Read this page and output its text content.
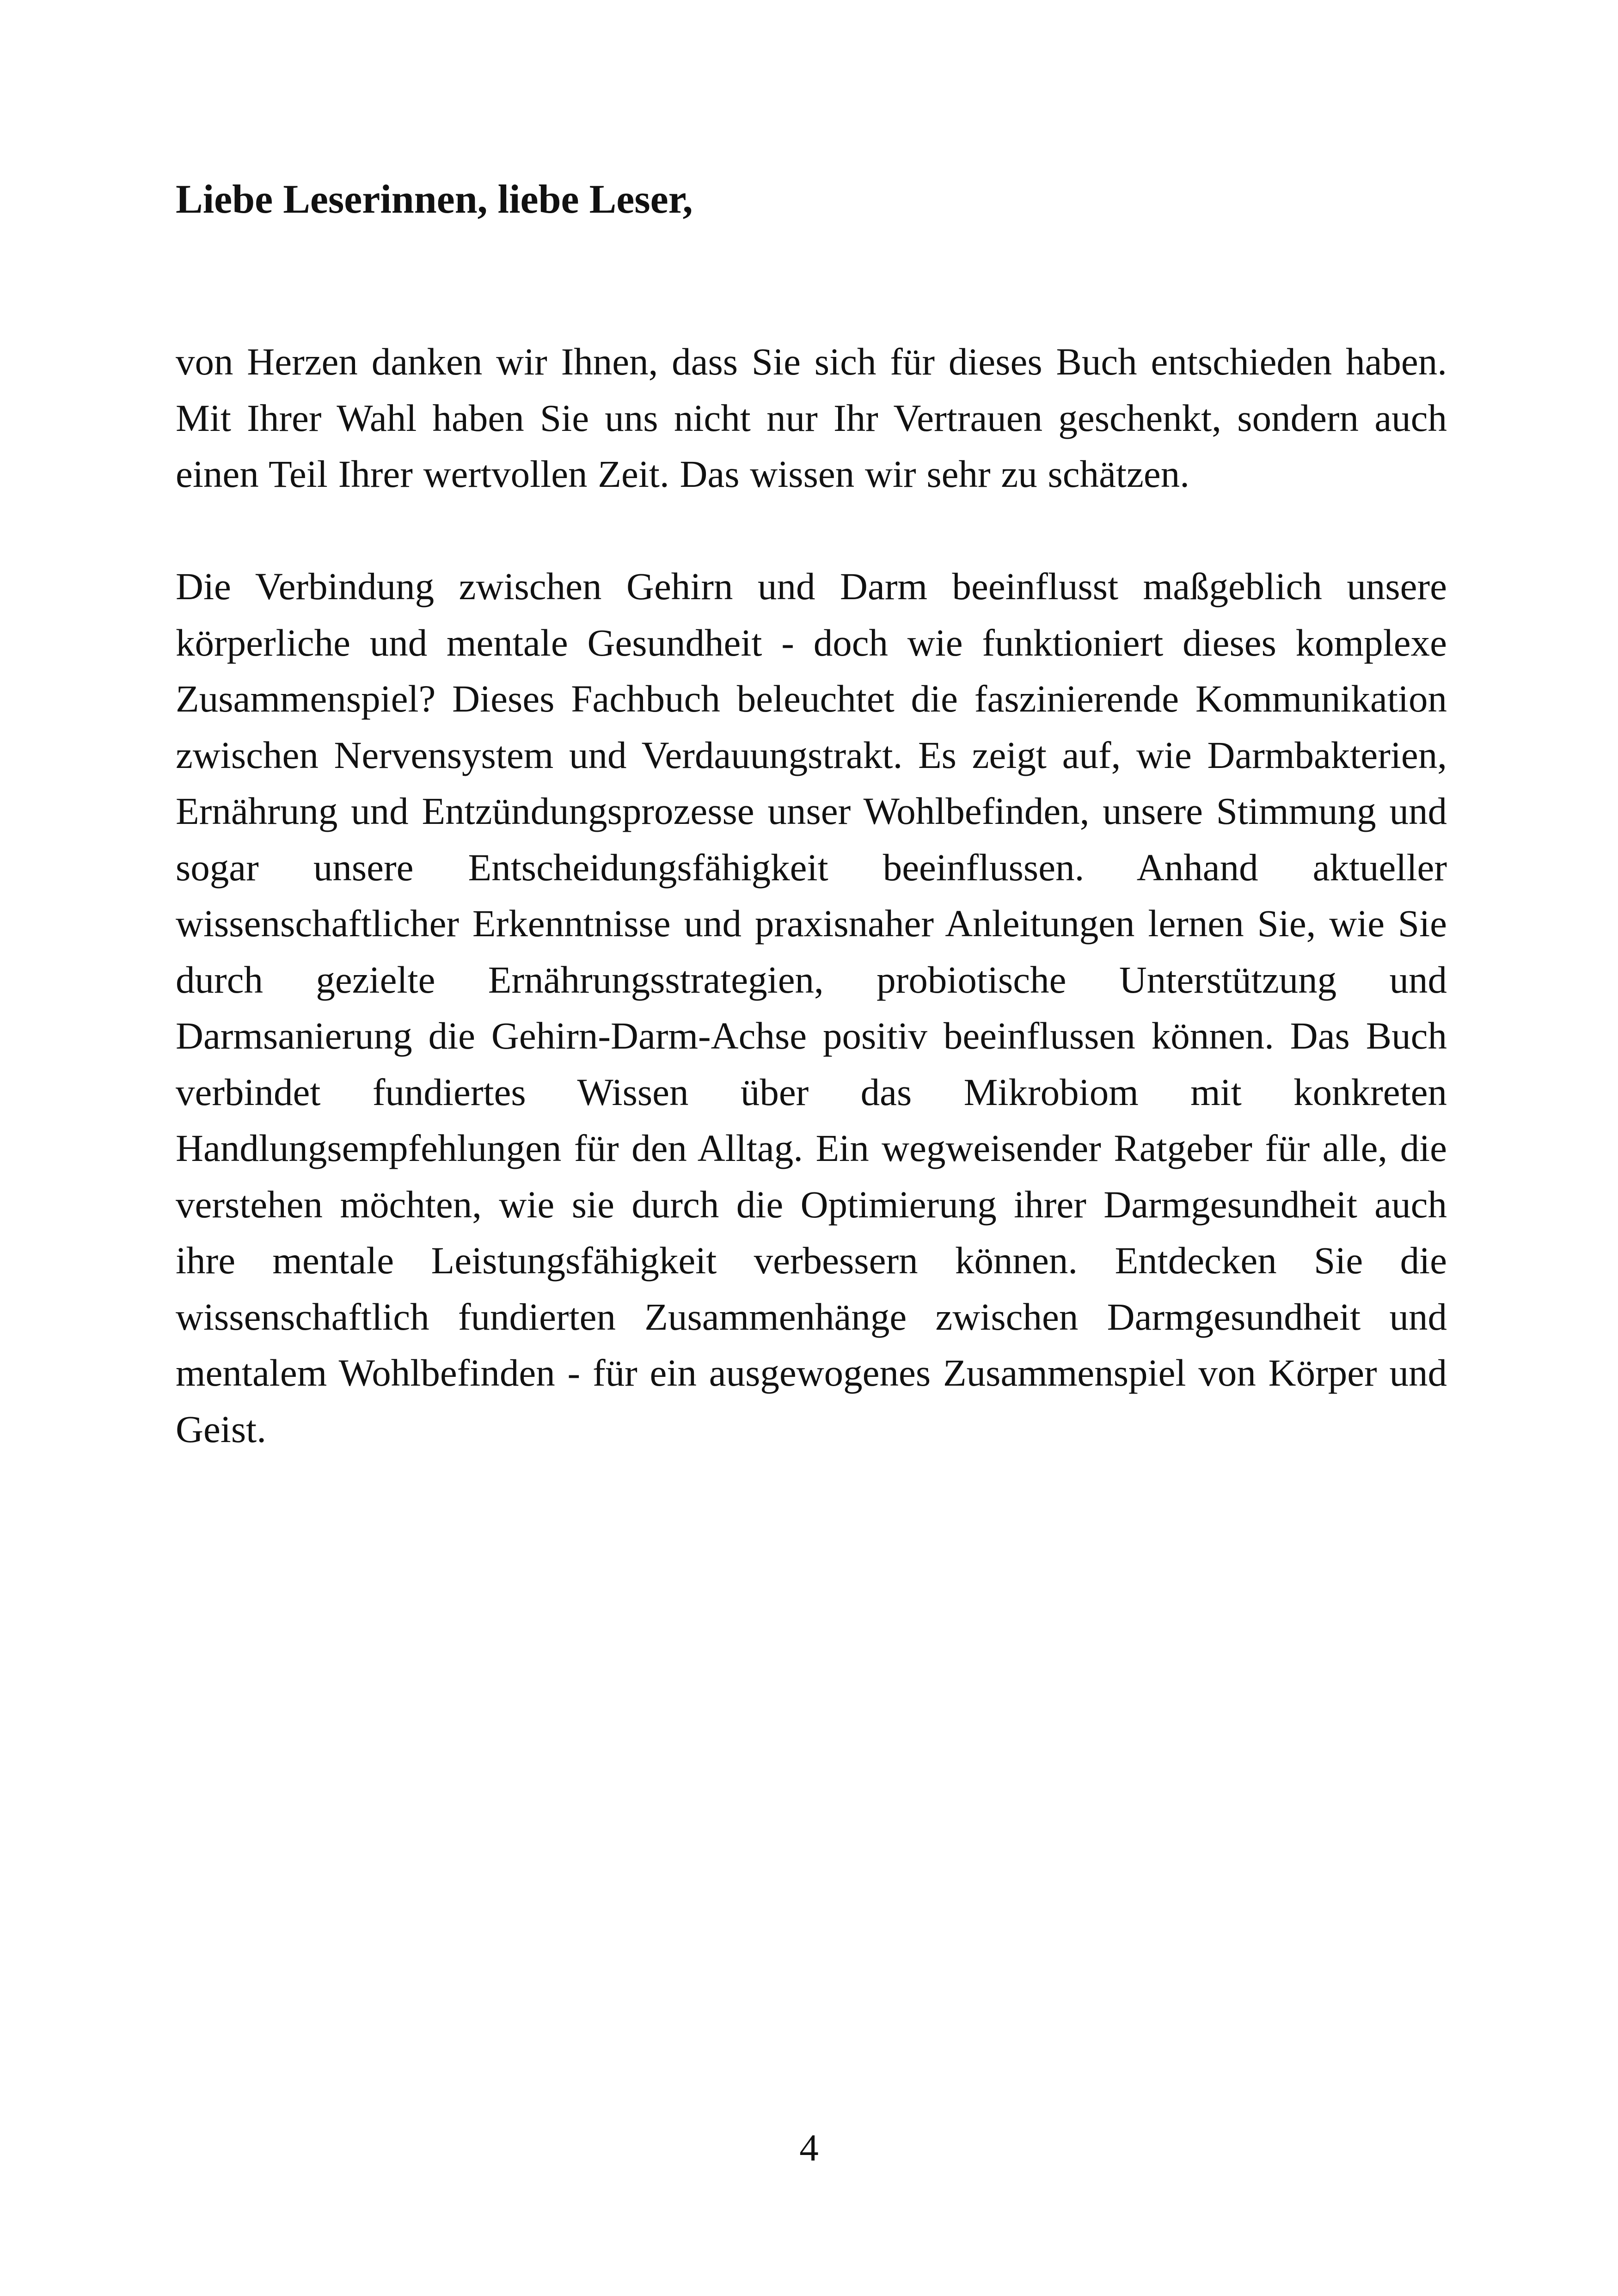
Liebe Leserinnen, liebe Leser,

von Herzen danken wir Ihnen, dass Sie sich für dieses Buch entschieden haben. Mit Ihrer Wahl haben Sie uns nicht nur Ihr Vertrauen geschenkt, sondern auch einen Teil Ihrer wertvollen Zeit. Das wissen wir sehr zu schätzen.

Die Verbindung zwischen Gehirn und Darm beeinflusst maßgeblich unsere körperliche und mentale Gesundheit - doch wie funktioniert dieses komplexe Zusammenspiel? Dieses Fachbuch beleuchtet die faszinierende Kommunikation zwischen Nervensystem und Verdauungstrakt. Es zeigt auf, wie Darmbakterien, Ernährung und Entzündungsprozesse unser Wohlbefinden, unsere Stimmung und sogar unsere Entscheidungsfähigkeit beeinflussen. Anhand aktueller wissenschaftlicher Erkenntnisse und praxisnaher Anleitungen lernen Sie, wie Sie durch gezielte Ernährungsstrategien, probiotische Unterstützung und Darmsanierung die Gehirn-Darm-Achse positiv beeinflussen können. Das Buch verbindet fundiertes Wissen über das Mikrobiom mit konkreten Handlungsempfehlungen für den Alltag. Ein wegweisender Ratgeber für alle, die verstehen möchten, wie sie durch die Optimierung ihrer Darmgesundheit auch ihre mentale Leistungsfähigkeit verbessern können. Entdecken Sie die wissenschaftlich fundierten Zusammenhänge zwischen Darmgesundheit und mentalem Wohlbefinden - für ein ausgewogenes Zusammenspiel von Körper und Geist.

4
